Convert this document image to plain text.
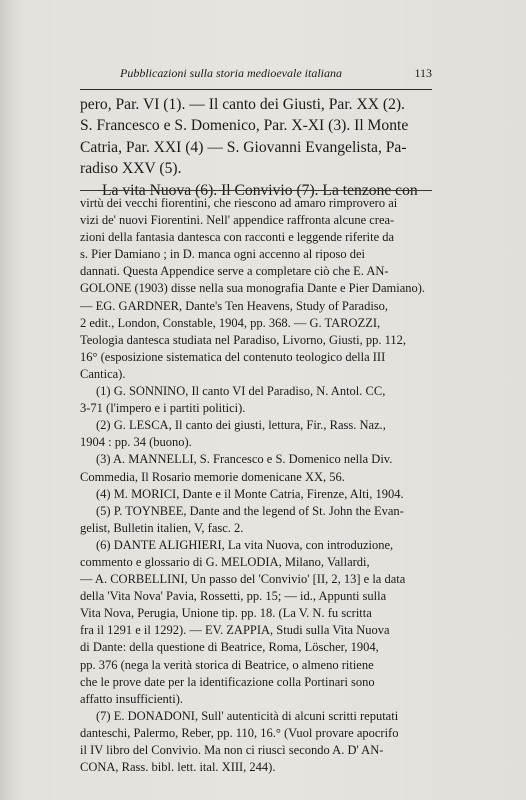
Pubblicazioni sulla storia medioevale italiana	113

pero, Par. VI (1). — Il canto dei Giusti, Par. XX (2).

S. Francesco e S. Domenico, Par. X-XI (3). Il Monte

Catria, Par. XXI (4) — S. Giovanni Evangelista, Pa-

radiso XXV (5).

La vita Nuova (6). Il Convivio (7). La tenzone con

virtù dei vecchi fiorentini, che riescono ad amaro rimprovero ai

vizi de' nuovi Fiorentini. Nell' appendice raffronta alcune crea-

zioni della fantasia dantesca con racconti e leggende riferite da

s. Pier Damiano ; in D. manca ogni accenno al riposo dei

dannati. Questa Appendice serve a completare ciò che E. AN-

GOLONE (1903) disse nella sua monografia Dante e Pier Damiano).

— EG. GARDNER, Dante's Ten Heavens, Study of Paradiso,

2 edit., London, Constable, 1904, pp. 368. — G. TAROZZI,

Teologia dantesca studiata nel Paradiso, Livorno, Giusti, pp. 112,

16° (esposizione sistematica del contenuto teologico della III

Cantica).

(1) G. SONNINO, Il canto VI del Paradiso, N. Antol. CC,

3-71 (l'impero e i partiti politici).

(2) G. LESCA, Il canto dei giusti, lettura, Fir., Rass. Naz.,

1904 : pp. 34 (buono).

(3) A. MANNELLI, S. Francesco e S. Domenico nella Div.

Commedia, Il Rosario memorie domenicane XX, 56.

(4) M. MORICI, Dante e il Monte Catria, Firenze, Alti, 1904.

(5) P. TOYNBEE, Dante and the legend of St. John the Evan-

gelist, Bulletin italien, V, fasc. 2.

(6) DANTE ALIGHIERI, La vita Nuova, con introduzione,

commento e glossario di G. MELODIA, Milano, Vallardi,

— A. CORBELLINI, Un passo del 'Convivio' [II, 2, 13] e la data

della 'Vita Nova' Pavia, Rossetti, pp. 15; — id., Appunti sulla

Vita Nova, Perugia, Unione tip. pp. 18. (La V. N. fu scritta

fra il 1291 e il 1292). — EV. ZAPPIA, Studi sulla Vita Nuova

di Dante: della questione di Beatrice, Roma, Löscher, 1904,

pp. 376 (nega la verità storica di Beatrice, o almeno ritiene

che le prove date per la identificazione colla Portinari sono

affatto insufficienti).

(7) E. DONADONI, Sull' autenticità di alcuni scritti reputati

danteschi, Palermo, Reber, pp. 110, 16.° (Vuol provare apocrifo

il IV libro del Convivio. Ma non ci riuscì secondo A. D' AN-

CONA, Rass. bibl. lett. ital. XIII, 244).
